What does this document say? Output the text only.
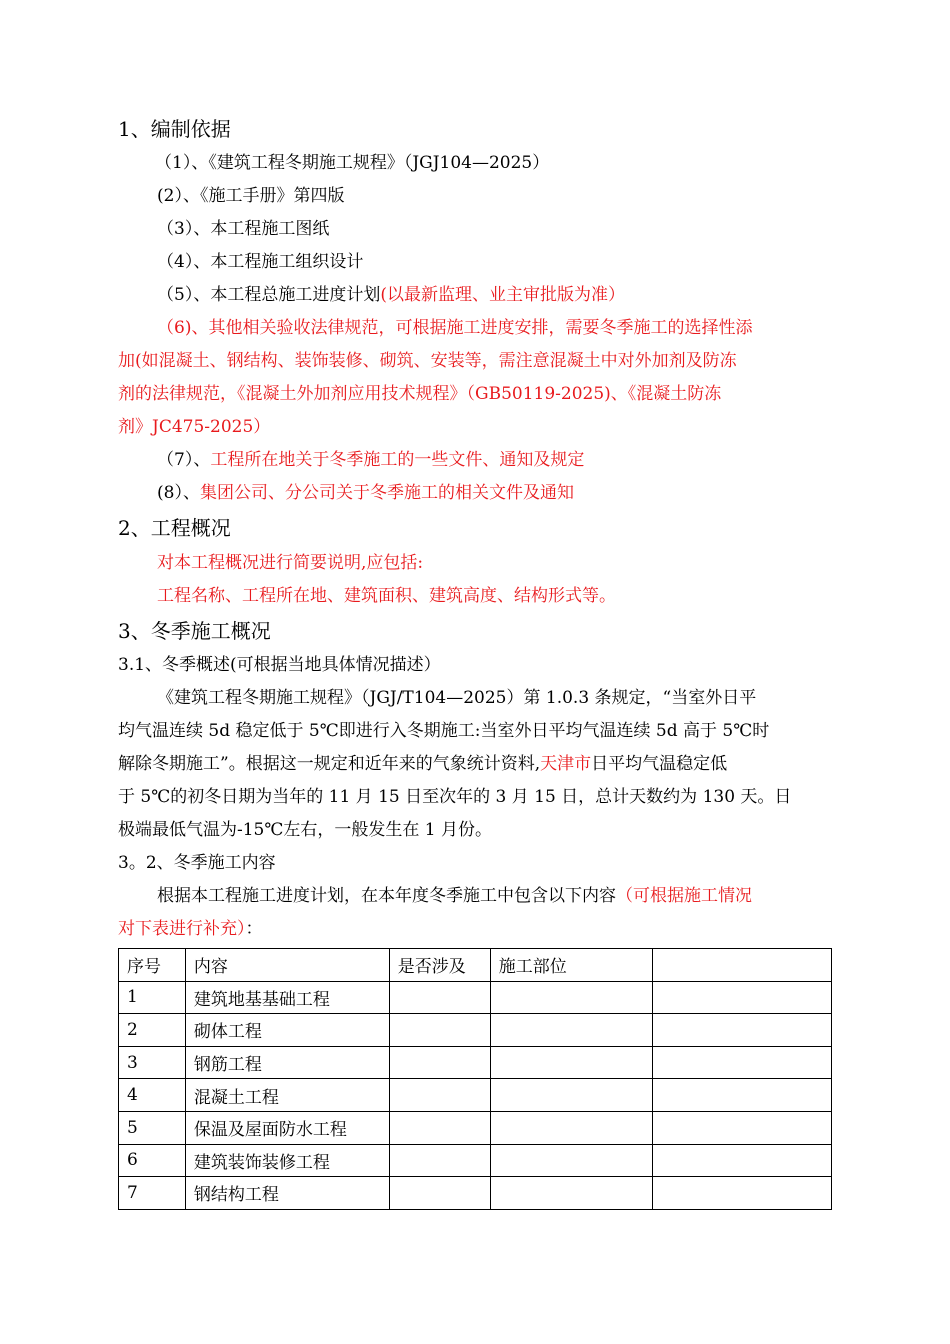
1、编制依据
（1）、《建筑工程冬期施工规程》（JGJ104—2025）
(2）、《施工手册》第四版
（3）、本工程施工图纸
（4）、本工程施工组织设计
（5）、本工程总施工进度计划(以最新监理、业主审批版为准）
（6)、其他相关验收法律规范，可根据施工进度安排，需要冬季施工的选择性添
加(如混凝土、钢结构、装饰装修、砌筑、安装等，需注意混凝土中对外加剂及防冻
剂的法律规范，《混凝土外加剂应用技术规程》（GB50119-2025)、《混凝土防冻
剂》JC475-2025）
（7）、工程所在地关于冬季施工的一些文件、通知及规定
(8）、集团公司、分公司关于冬季施工的相关文件及通知
2、工程概况
对本工程概况进行简要说明,应包括:
工程名称、工程所在地、建筑面积、建筑高度、结构形式等。
3、冬季施工概况
3.1、冬季概述(可根据当地具体情况描述）
《建筑工程冬期施工规程》（JGJ/T104—2025）第 1.0.3 条规定，“当室外日平
均气温连续 5d 稳定低于 5℃即进行入冬期施工:当室外日平均气温连续 5d 高于 5℃时
解除冬期施工”。根据这一规定和近年来的气象统计资料,天津市日平均气温稳定低
于 5℃的初冬日期为当年的 11 月 15 日至次年的 3 月 15 日，总计天数约为 130 天。日
极端最低气温为-15℃左右，一般发生在 1 月份。
3。2、冬季施工内容
根据本工程施工进度计划，在本年度冬季施工中包含以下内容（可根据施工情况
对下表进行补充）：
序号	内容	是否涉及	施工部位	
1	建筑地基基础工程			
2	砌体工程			
3	钢筋工程			
4	混凝土工程			
5	保温及屋面防水工程			
6	建筑装饰装修工程			
7	钢结构工程			
